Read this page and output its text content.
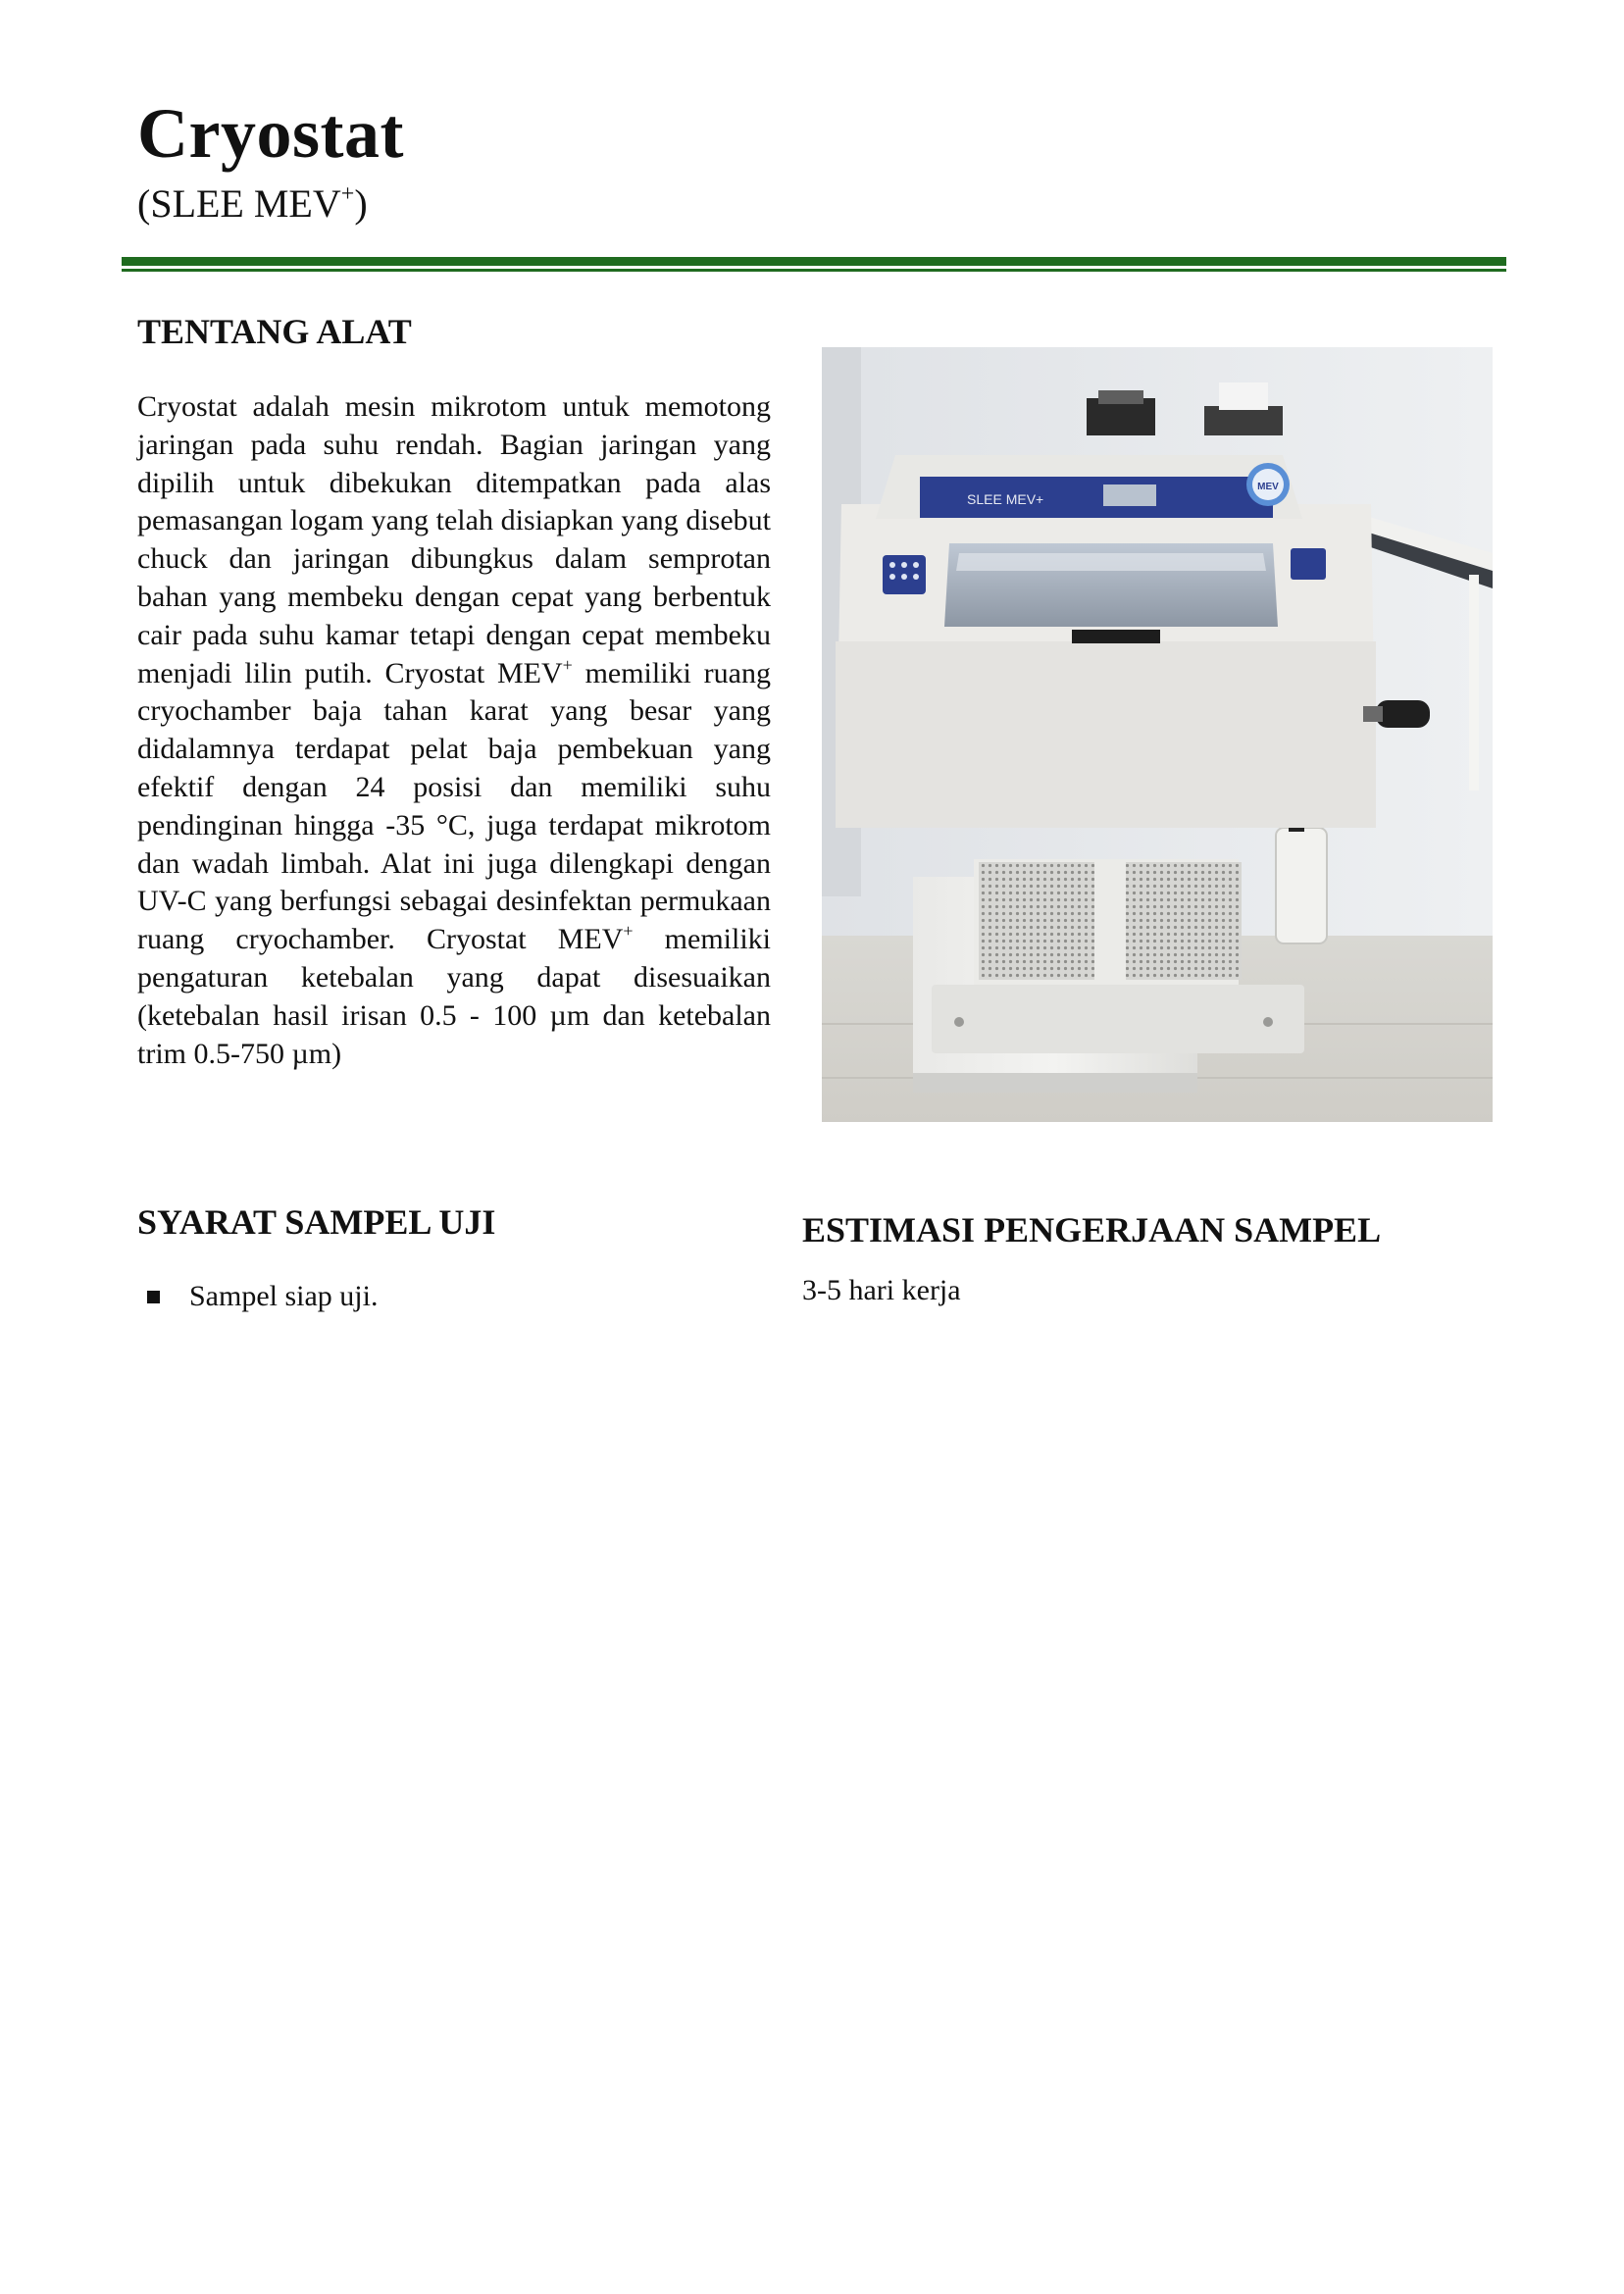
Cryostat

(SLEE MEV+)

TENTANG ALAT

Cryostat adalah mesin mikrotom untuk memotong jaringan pada suhu rendah. Bagian jaringan yang dipilih untuk dibekukan ditempatkan pada alas pemasangan logam yang telah disiapkan yang disebut chuck dan jaringan dibungkus dalam semprotan bahan yang membeku dengan cepat yang berbentuk cair pada suhu kamar tetapi dengan cepat membeku menjadi lilin putih. Cryostat MEV+ memiliki ruang cryochamber baja tahan karat yang besar yang didalamnya terdapat pelat baja pembekuan yang efektif dengan 24 posisi dan memiliki suhu pendinginan hingga -35 °C, juga terdapat mikrotom dan wadah limbah. Alat ini juga dilengkapi dengan UV-C yang berfungsi sebagai desinfektan permukaan ruang cryochamber. Cryostat MEV+ memiliki pengaturan ketebalan yang dapat disesuaikan (ketebalan hasil irisan 0.5 - 100 µm dan ketebalan trim 0.5-750 µm)

SLEE MEV+
MEV
SYARAT SAMPEL UJI
Sampel siap uji.
ESTIMASI PENGERJAAN SAMPEL

3-5 hari kerja
